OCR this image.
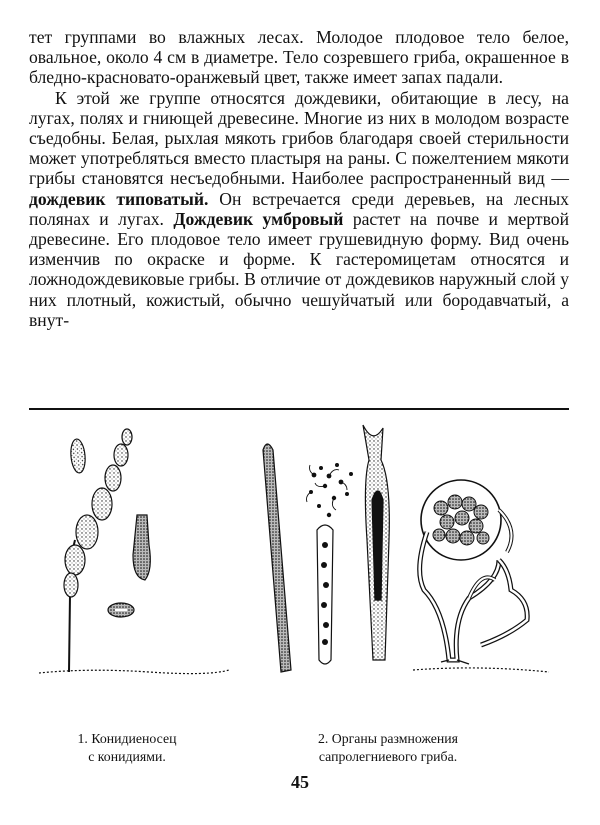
тет группами во влажных лесах. Молодое плодовое тело белое, овальное, около 4 см в диаметре. Тело созревшего гриба, окрашенное в бледно-красновато-оранжевый цвет, также имеет запах падали.

К этой же группе относятся дождевики, обитающие в лесу, на лугах, полях и гниющей древесине. Многие из них в молодом возрасте съедобны. Белая, рыхлая мякоть грибов благодаря своей стерильности может употребляться вместо пластыря на раны. С пожелтением мякоти грибы становятся несъедобными. Наиболее распространенный вид — дождевик типоватый. Он встречается среди деревьев, на лесных полянах и лугах. Дождевик умбровый растет на почве и мертвой древесине. Его плодовое тело имеет грушевидную форму. Вид очень изменчив по окраске и форме. К гастеромицетам относятся и ложнодождевиковые грибы. В отличие от дождевиков наружный слой у них плотный, кожистый, обычно чешуйчатый или бородавчатый, а внут-

1. Конидиеносец
с конидиями.
2. Органы размножения
сапролегниевого гриба.
45
